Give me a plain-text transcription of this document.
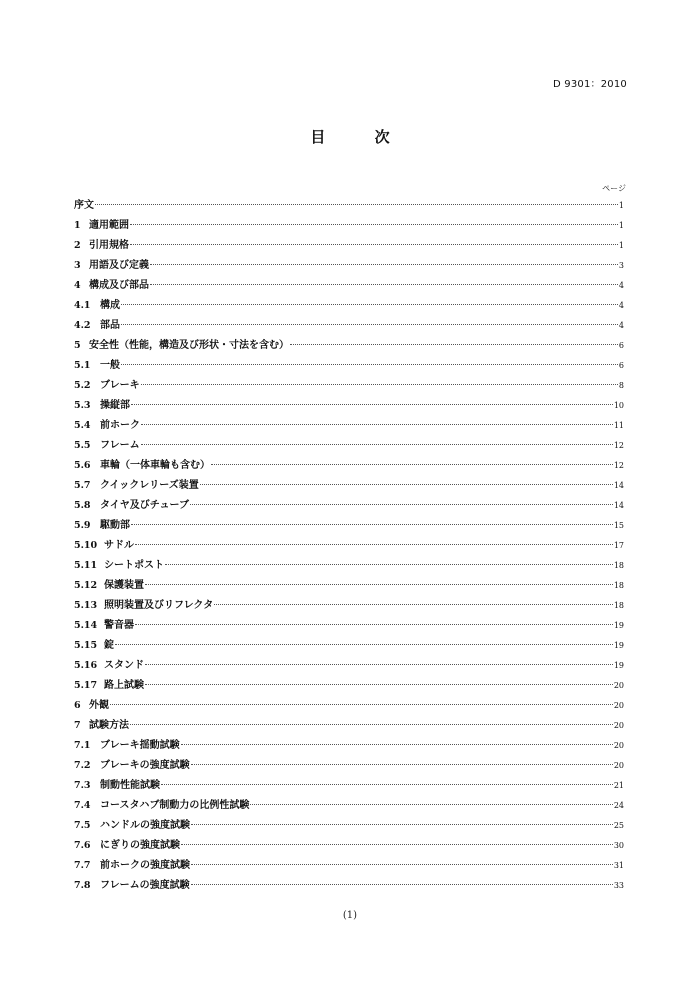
D 9301：2010
目 次
ページ
序文	1
1 適用範囲	1
2 引用規格	1
3 用語及び定義	3
4 構成及び部品	4
4.1 構成	4
4.2 部品	4
5 安全性（性能，構造及び形状・寸法を含む）	6
5.1 一般	6
5.2 ブレーキ	8
5.3 操縦部	10
5.4 前ホーク	11
5.5 フレーム	12
5.6 車輪（一体車輪も含む）	12
5.7 クイックレリーズ装置	14
5.8 タイヤ及びチューブ	14
5.9 駆動部	15
5.10 サドル	17
5.11 シートポスト	18
5.12 保護装置	18
5.13 照明装置及びリフレクタ	18
5.14 警音器	19
5.15 錠	19
5.16 スタンド	19
5.17 路上試験	20
6 外観	20
7 試験方法	20
7.1 ブレーキ揺動試験	20
7.2 ブレーキの強度試験	20
7.3 制動性能試験	21
7.4 コースタハブ制動力の比例性試験	24
7.5 ハンドルの強度試験	25
7.6 にぎりの強度試験	30
7.7 前ホークの強度試験	31
7.8 フレームの強度試験	33
(1)
